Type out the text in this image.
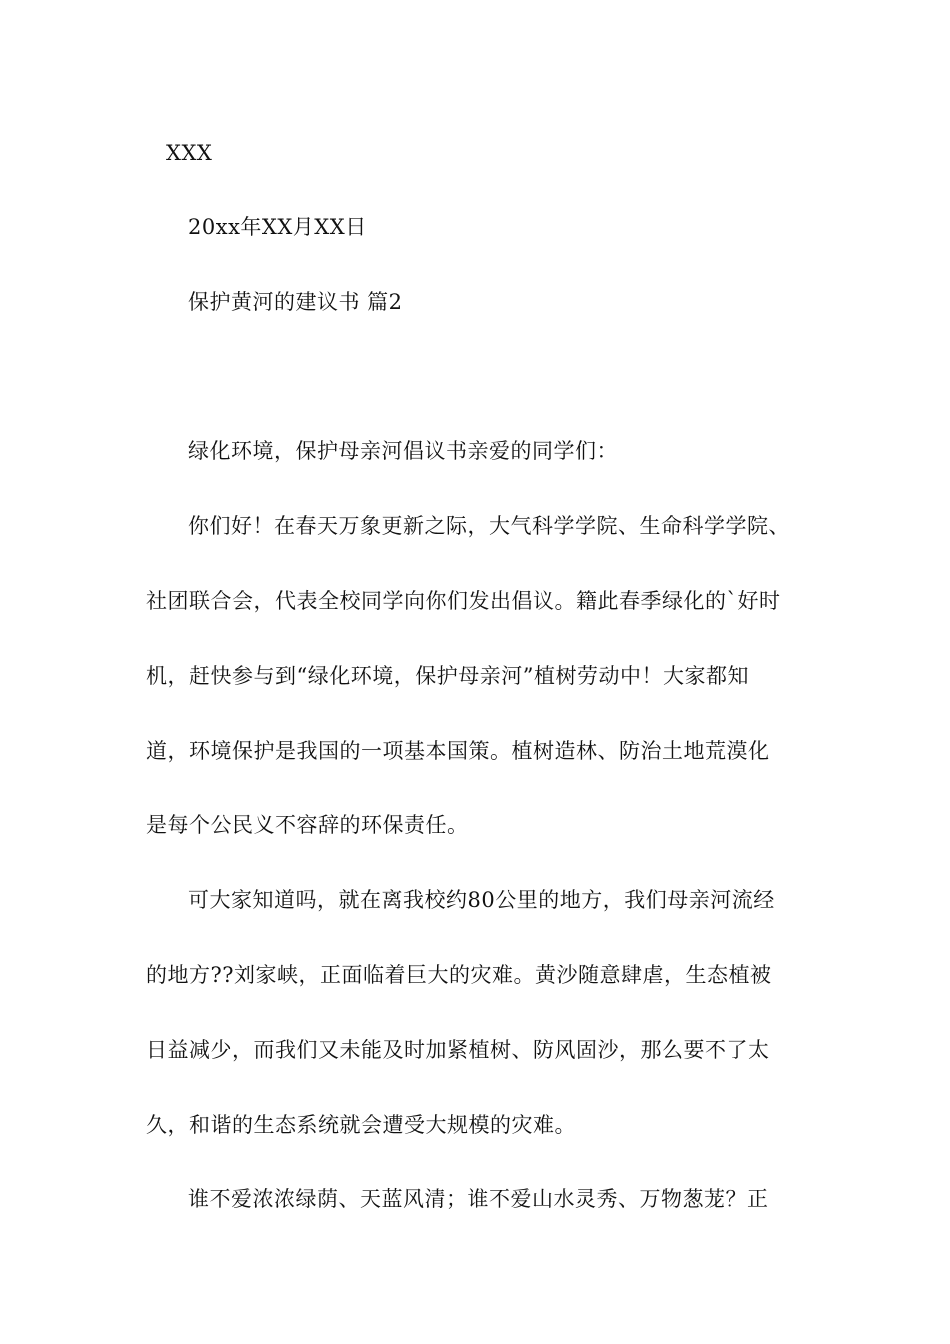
XXX
20xx年XX月XX日
保护黄河的建议书 篇2
绿化环境，保护母亲河倡议书亲爱的同学们：
你们好！在春天万象更新之际，大气科学学院、生命科学学院、
社团联合会，代表全校同学向你们发出倡议。籍此春季绿化的`好时
机，赶快参与到“绿化环境，保护母亲河”植树劳动中！大家都知
道，环境保护是我国的一项基本国策。植树造林、防治土地荒漠化
是每个公民义不容辞的环保责任。
可大家知道吗，就在离我校约80公里的地方，我们母亲河流经
的地方??刘家峡，正面临着巨大的灾难。黄沙随意肆虐，生态植被
日益减少，而我们又未能及时加紧植树、防风固沙，那么要不了太
久，和谐的生态系统就会遭受大规模的灾难。
谁不爱浓浓绿荫、天蓝风清；谁不爱山水灵秀、万物葱茏？正
